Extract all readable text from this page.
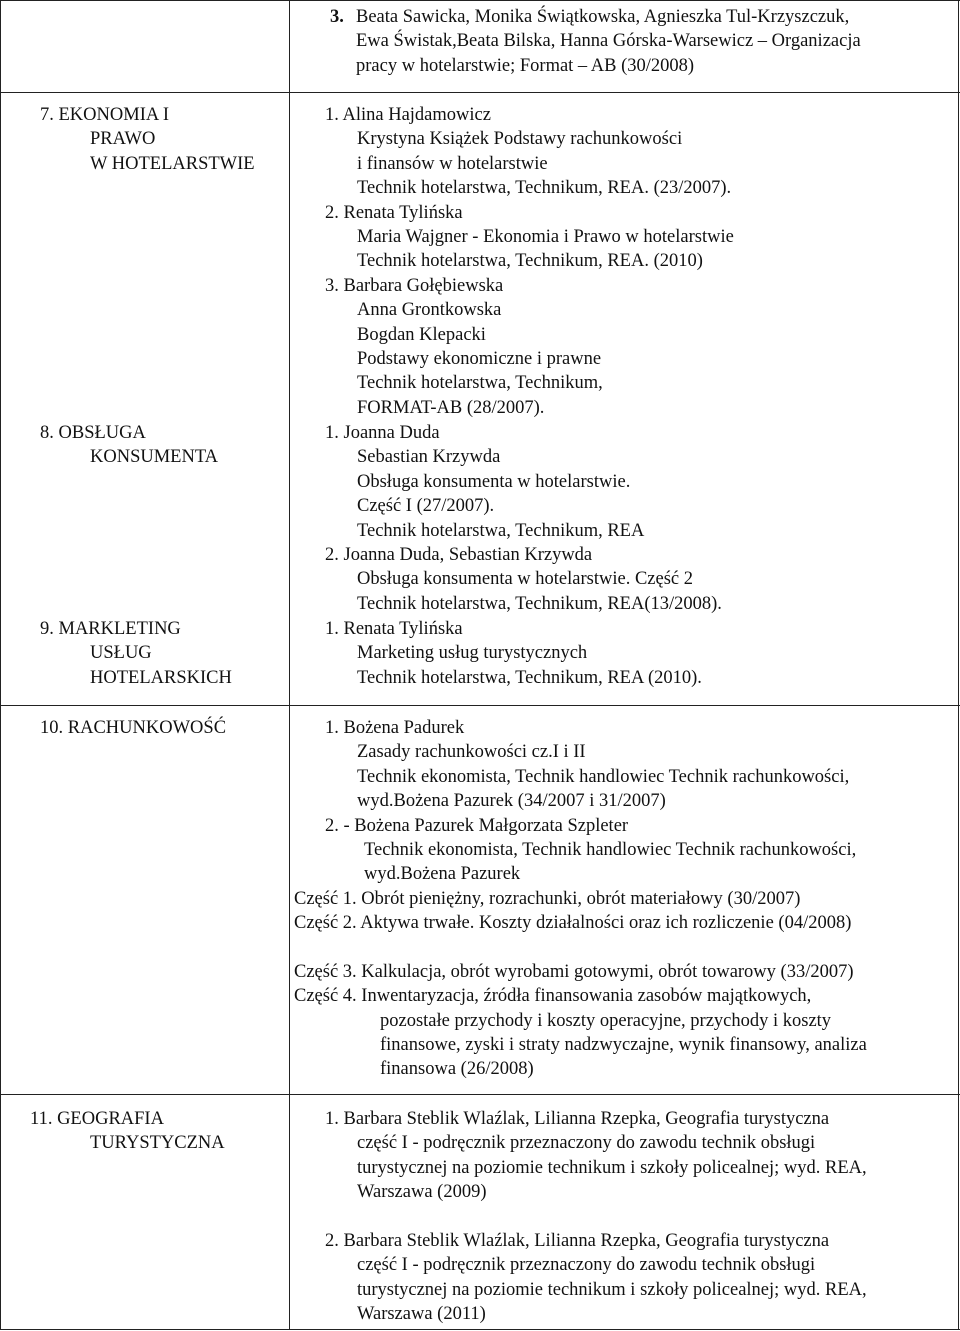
3. Beata Sawicka, Monika Świątkowska, Agnieszka Tul-Krzyszczuk,
Ewa Świstak,Beata Bilska, Hanna Górska-Warsewicz – Organizacja
pracy w hotelarstwie; Format – AB (30/2008)
7. EKONOMIA I
PRAWO
W HOTELARSTWIE
1. Alina Hajdamowicz
Krystyna Książek Podstawy rachunkowości
i finansów w hotelarstwie
Technik hotelarstwa, Technikum, REA. (23/2007).
2. Renata Tylińska
Maria Wajgner - Ekonomia i Prawo w hotelarstwie
Technik hotelarstwa, Technikum, REA. (2010)
3. Barbara Gołębiewska
Anna Grontkowska
Bogdan Klepacki
Podstawy ekonomiczne i prawne
Technik hotelarstwa, Technikum,
FORMAT-AB (28/2007).
8. OBSŁUGA
KONSUMENTA
1. Joanna Duda
Sebastian Krzywda
Obsługa konsumenta w hotelarstwie.
Część I (27/2007).
Technik hotelarstwa, Technikum, REA
2. Joanna Duda, Sebastian Krzywda
Obsługa konsumenta w hotelarstwie. Część 2
Technik hotelarstwa, Technikum, REA(13/2008).
9. MARKLETING
USŁUG
HOTELARSKICH
1. Renata Tylińska
Marketing usług turystycznych
Technik hotelarstwa, Technikum, REA (2010).
10. RACHUNKOWOŚĆ	1. Bożena Padurek
Zasady rachunkowości cz.I i II
Technik ekonomista, Technik handlowiec Technik rachunkowości,
wyd.Bożena Pazurek (34/2007 i 31/2007)
2. - Bożena Pazurek Małgorzata Szpleter
Technik ekonomista, Technik handlowiec Technik rachunkowości,
wyd.Bożena Pazurek
Część 1. Obrót pieniężny, rozrachunki, obrót materiałowy (30/2007)
Część 2. Aktywa trwałe. Koszty działalności oraz ich rozliczenie (04/2008)
Część 3. Kalkulacja, obrót wyrobami gotowymi, obrót towarowy (33/2007)
Część 4. Inwentaryzacja, źródła finansowania zasobów majątkowych,
pozostałe przychody i koszty operacyjne, przychody i koszty
finansowe, zyski i straty nadzwyczajne, wynik finansowy, analiza
finansowa (26/2008)
11. GEOGRAFIA
TURYSTYCZNA
1. Barbara Steblik Wlaźlak, Lilianna Rzepka, Geografia turystyczna
część I - podręcznik przeznaczony do zawodu technik obsługi
turystycznej na poziomie technikum i szkoły policealnej; wyd. REA,
Warszawa (2009)
2. Barbara Steblik Wlaźlak, Lilianna Rzepka, Geografia turystyczna
część I - podręcznik przeznaczony do zawodu technik obsługi
turystycznej na poziomie technikum i szkoły policealnej; wyd. REA,
Warszawa (2011)
